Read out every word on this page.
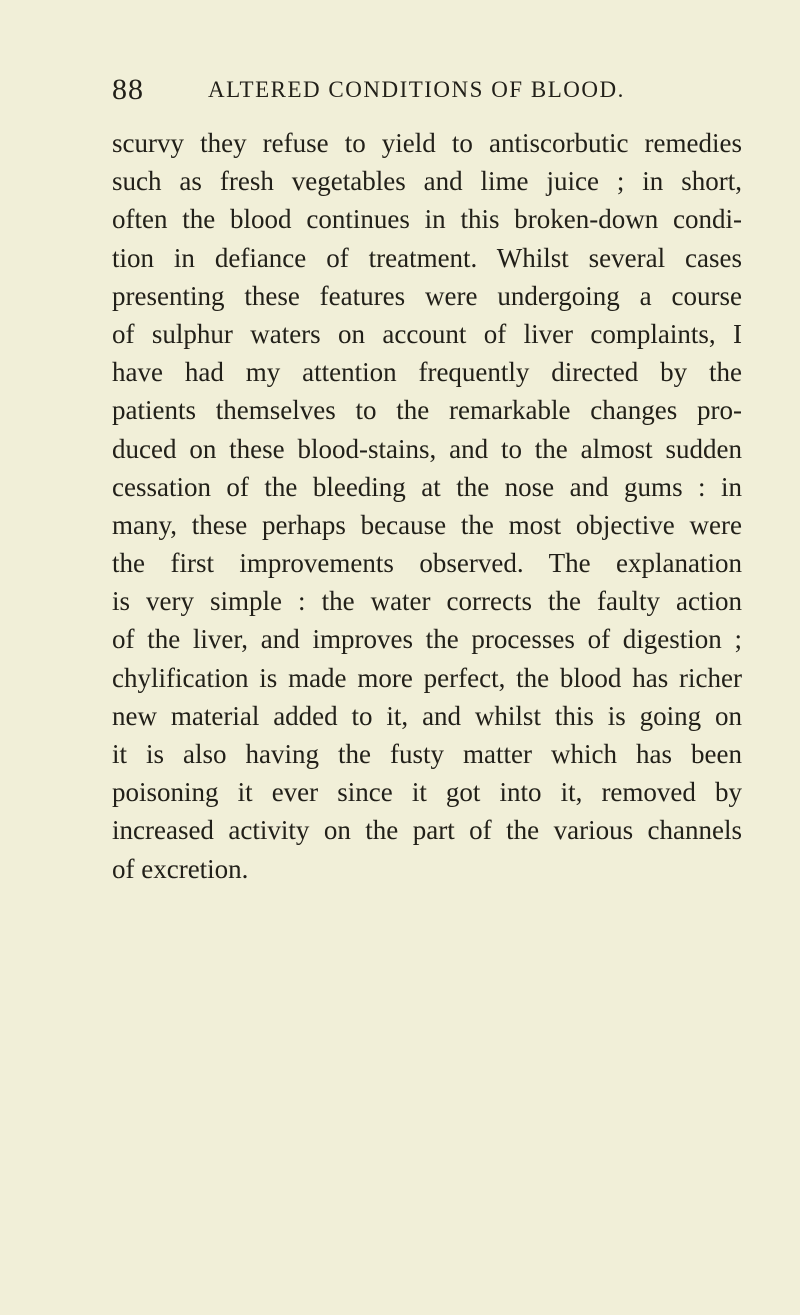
88	ALTERED CONDITIONS OF BLOOD.
scurvy they refuse to yield to antiscorbutic remedies
such as fresh vegetables and lime juice ; in short,
often the blood continues in this broken-down condi-
tion in defiance of treatment. Whilst several cases
presenting these features were undergoing a course
of sulphur waters on account of liver complaints, I
have had my attention frequently directed by the
patients themselves to the remarkable changes pro-
duced on these blood-stains, and to the almost sudden
cessation of the bleeding at the nose and gums : in
many, these perhaps because the most objective were
the first improvements observed. The explanation
is very simple : the water corrects the faulty action
of the liver, and improves the processes of digestion ;
chylification is made more perfect, the blood has richer
new material added to it, and whilst this is going on
it is also having the fusty matter which has been
poisoning it ever since it got into it, removed by
increased activity on the part of the various channels
of excretion.
